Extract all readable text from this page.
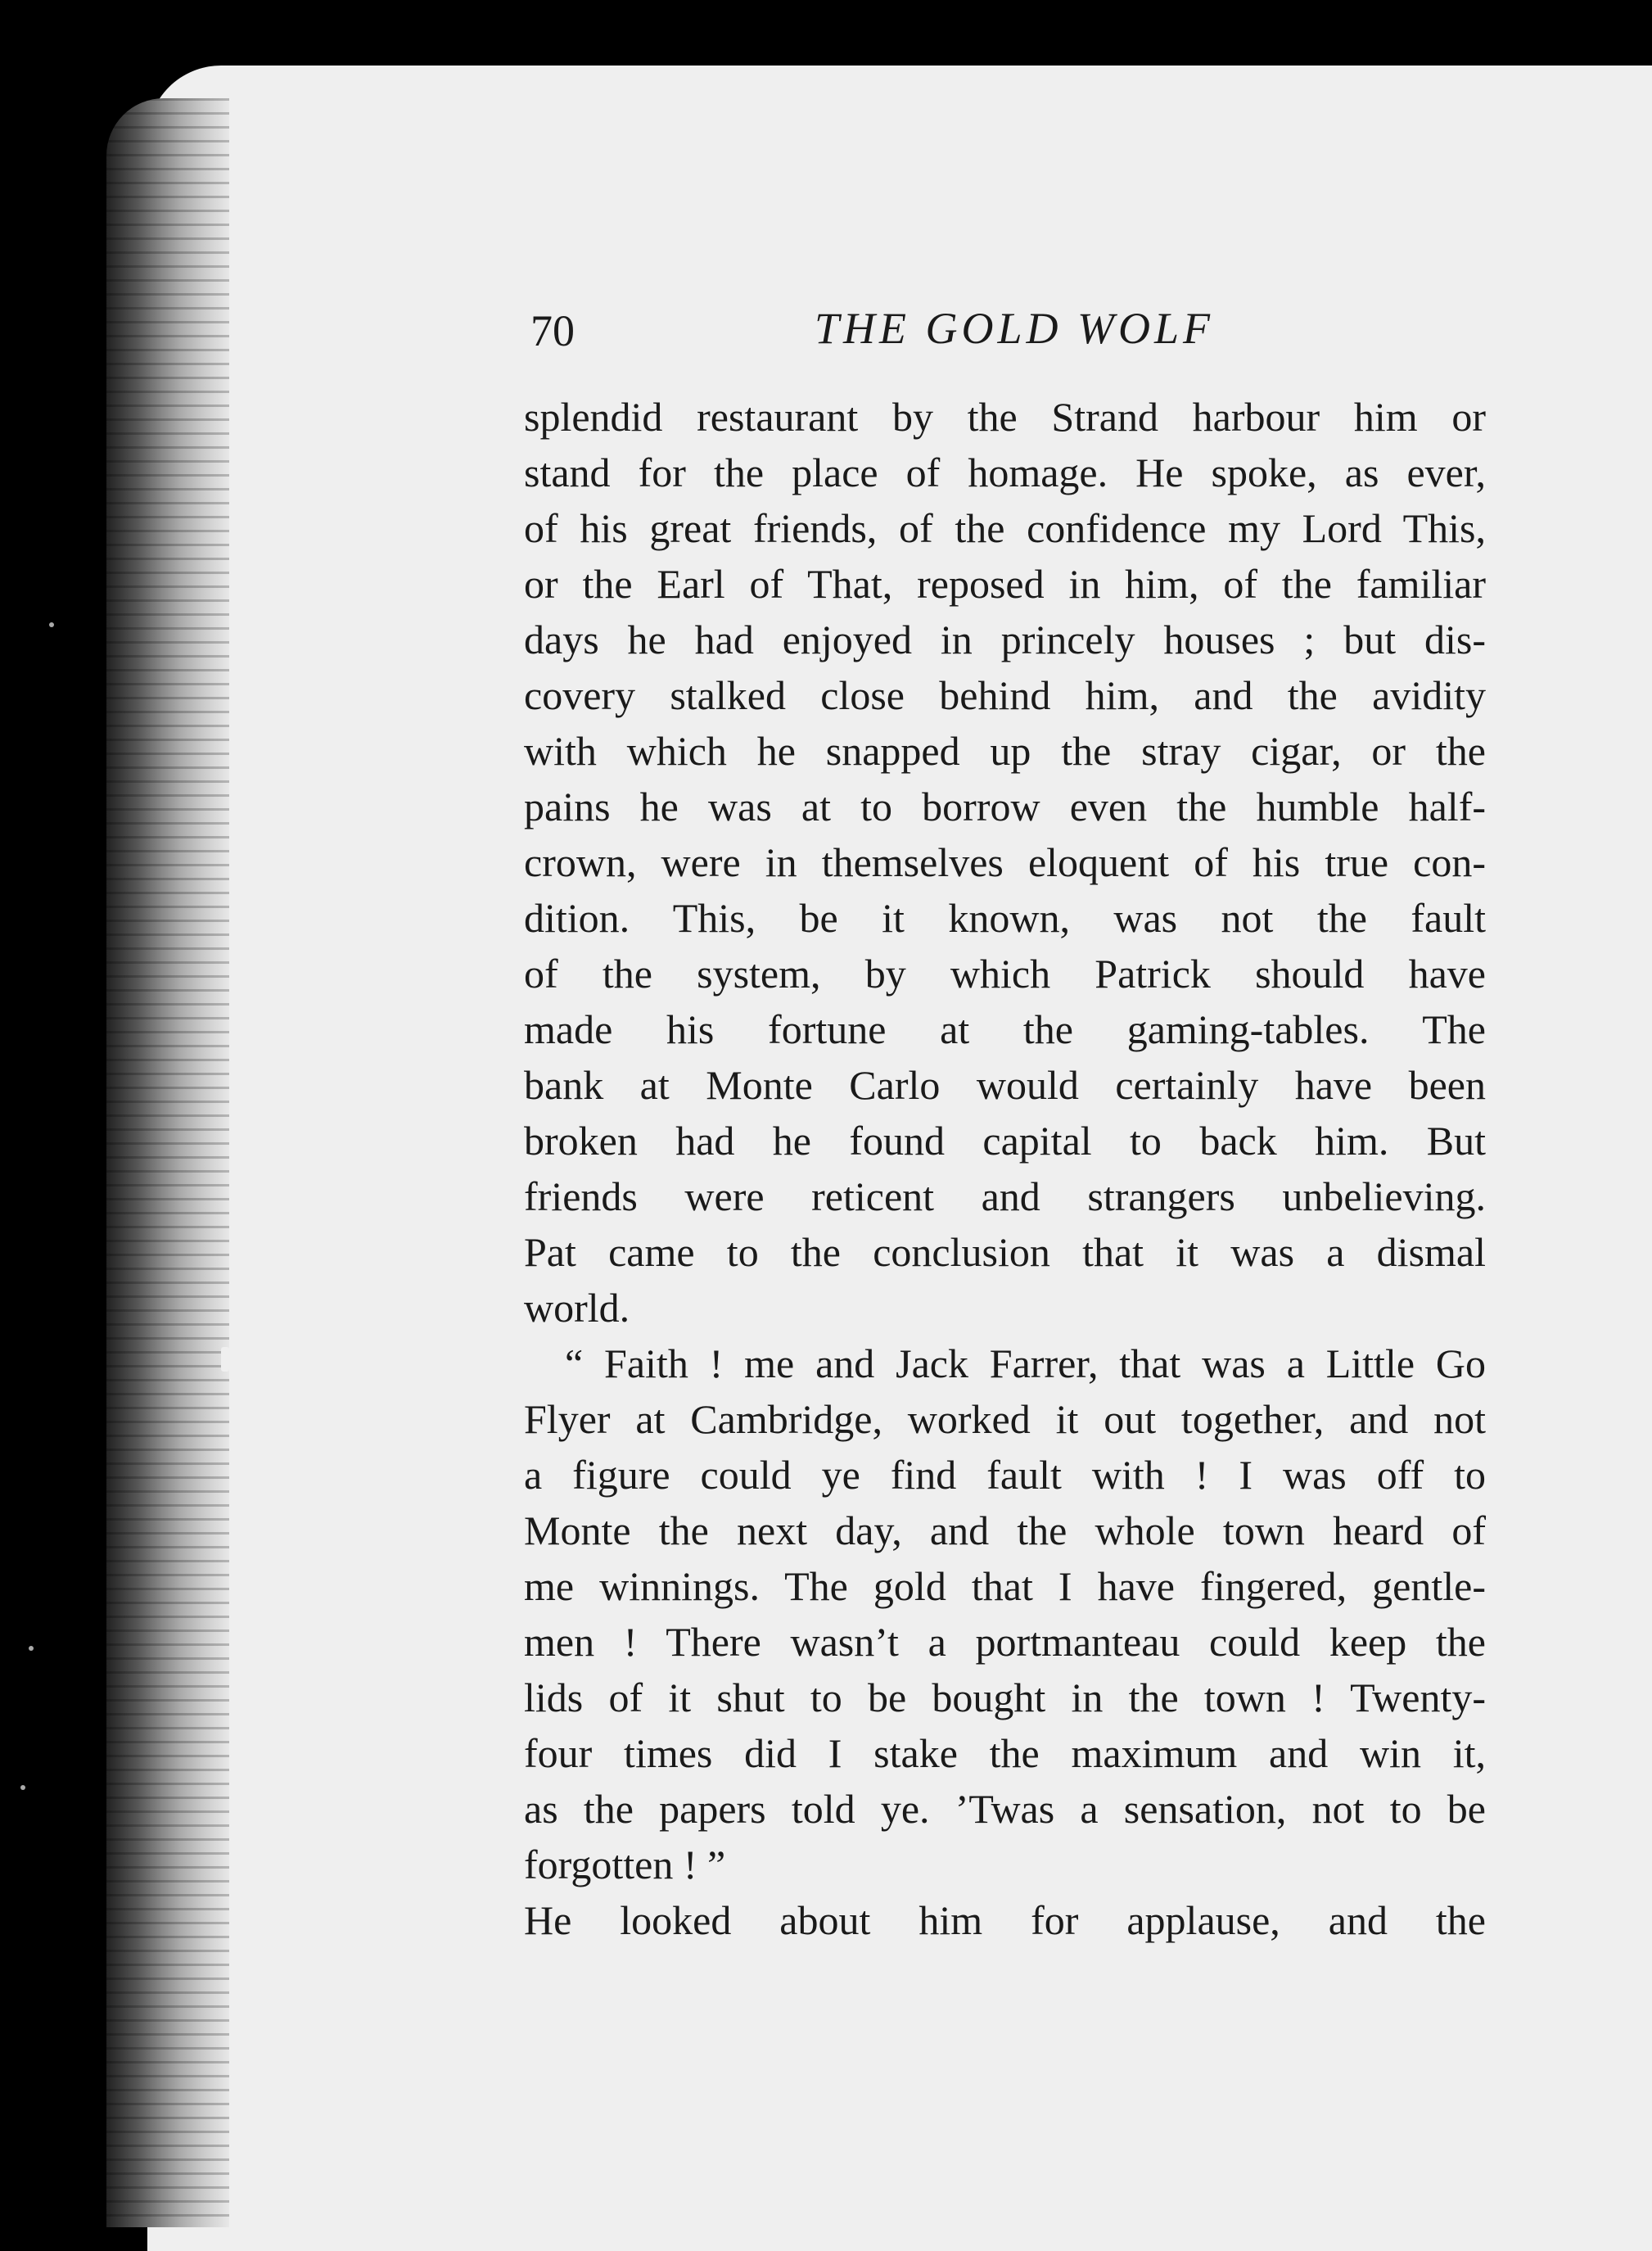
70	THE GOLD WOLF
splendid restaurant by the Strand harbour him or
stand for the place of homage. He spoke, as ever,
of his great friends, of the confidence my Lord This,
or the Earl of That, reposed in him, of the familiar
days he had enjoyed in princely houses ; but dis-
covery stalked close behind him, and the avidity
with which he snapped up the stray cigar, or the
pains he was at to borrow even the humble half-
crown, were in themselves eloquent of his true con-
dition. This, be it known, was not the fault
of the system, by which Patrick should have
made his fortune at the gaming-tables. The
bank at Monte Carlo would certainly have been
broken had he found capital to back him. But
friends were reticent and strangers unbelieving.
Pat came to the conclusion that it was a dismal
world.
“ Faith ! me and Jack Farrer, that was a Little Go
Flyer at Cambridge, worked it out together, and not
a figure could ye find fault with ! I was off to
Monte the next day, and the whole town heard of
me winnings. The gold that I have fingered, gentle-
men ! There wasn’t a portmanteau could keep the
lids of it shut to be bought in the town ! Twenty-
four times did I stake the maximum and win it,
as the papers told ye. ’Twas a sensation, not to be
forgotten ! ”
He looked about him for applause, and the
